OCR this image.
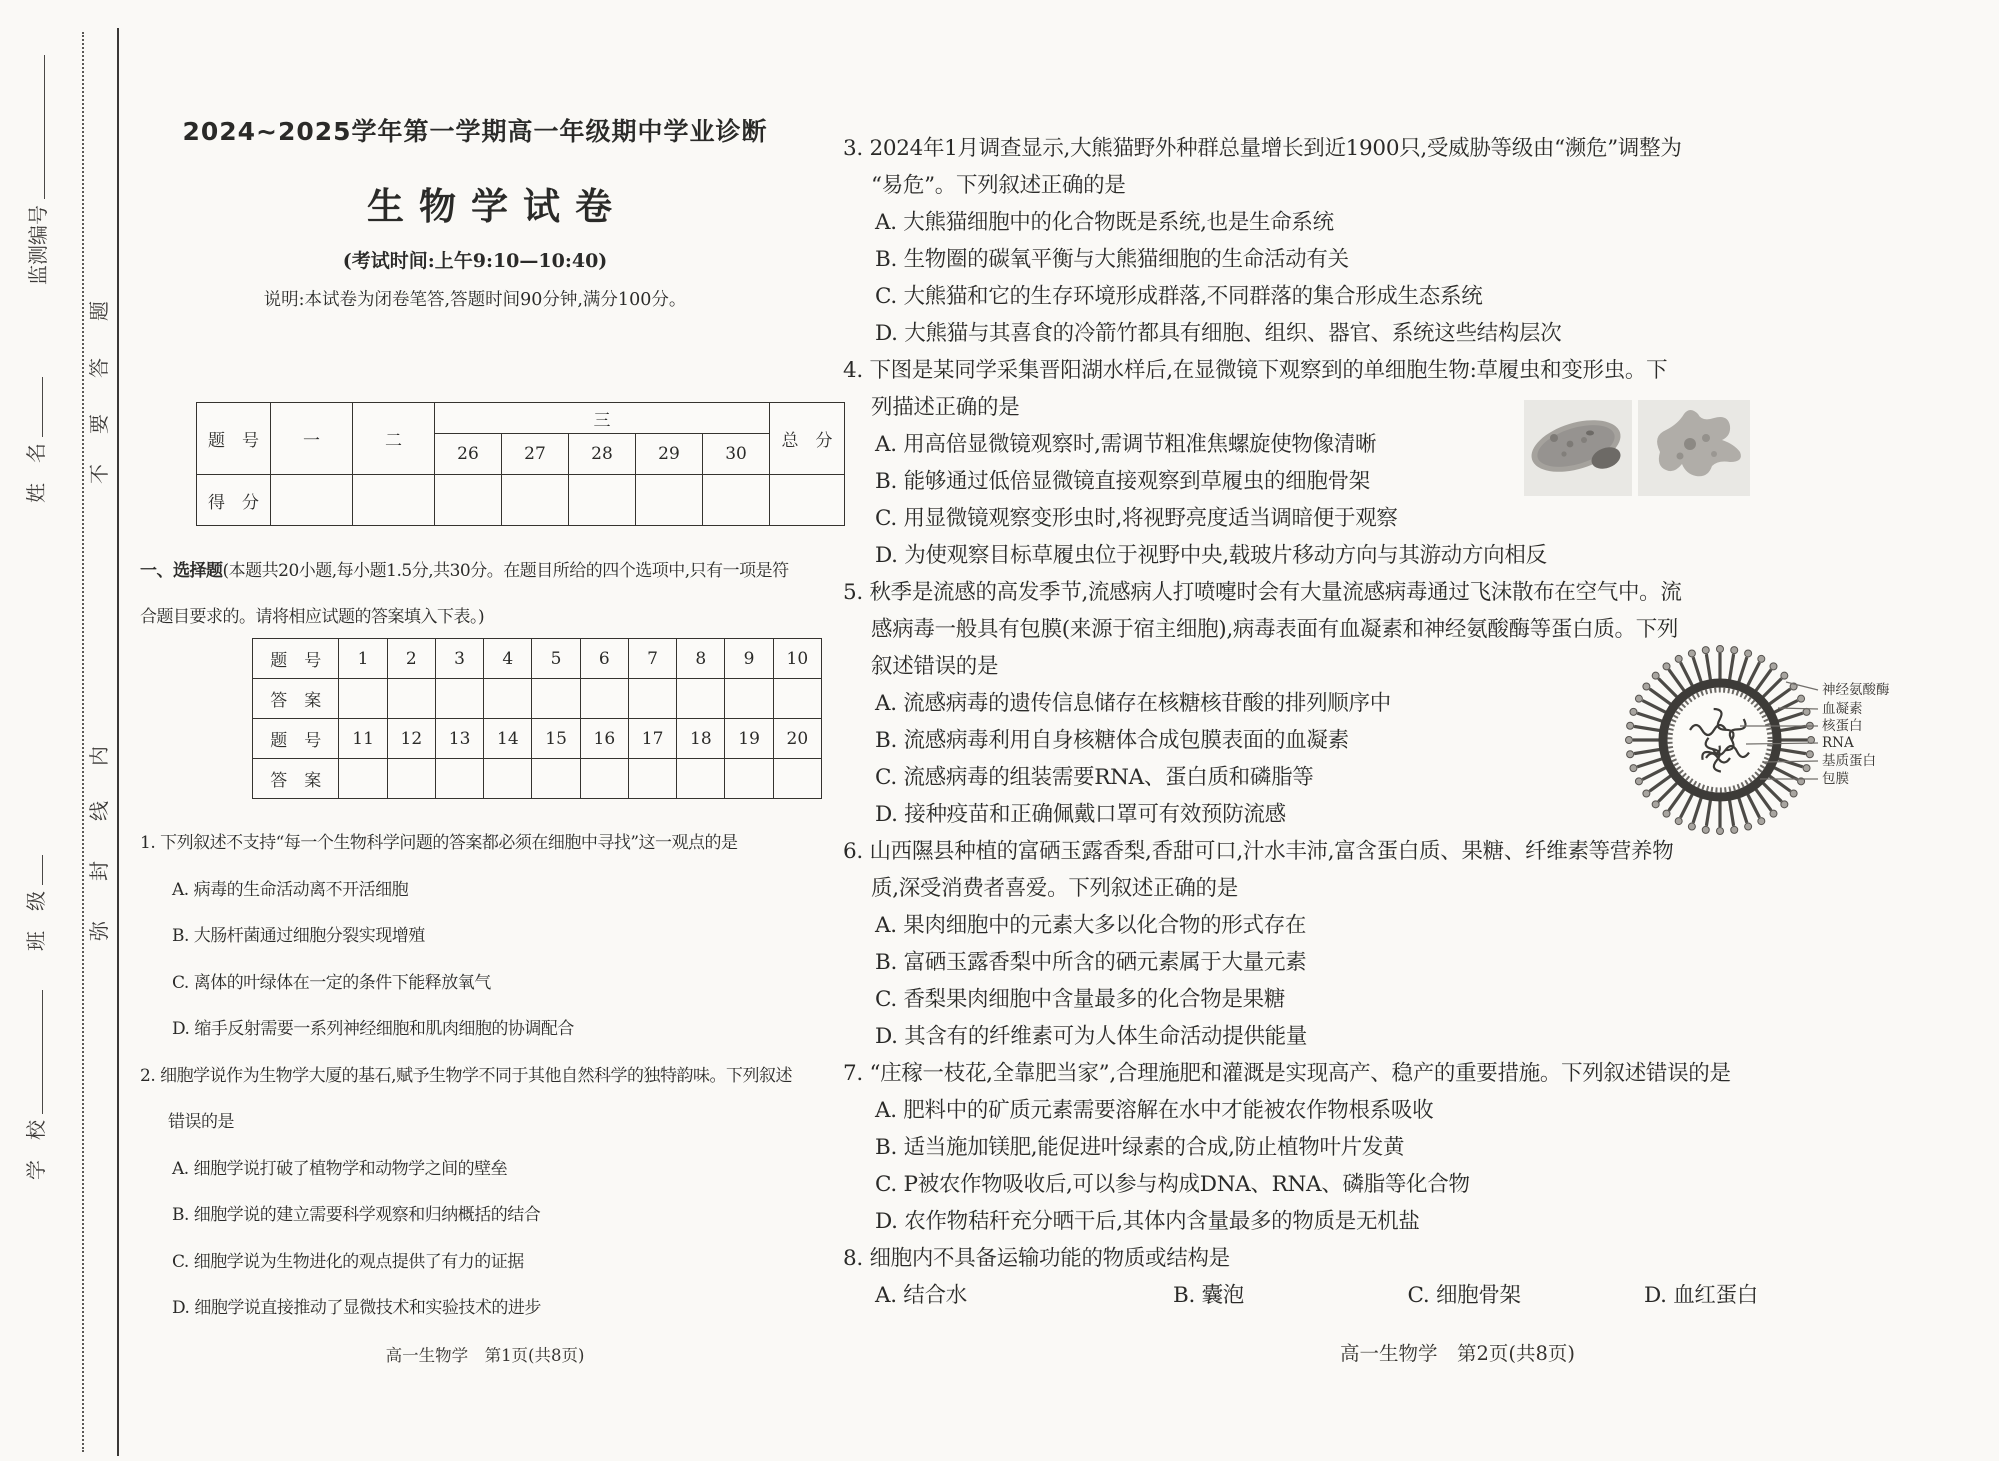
监测编号
姓　名
班　级
学　校
题
答
要
不
内
线
封
弥
2024~2025学年第一学期高一年级期中学业诊断
生物学试卷
(考试时间:上午9:10—10:40)
说明:本试卷为闭卷笔答,答题时间90分钟,满分100分。
题　号	一	二	三					总　分
			26	27	28	29	30	
得　分								
一、选择题(本题共20小题,每小题1.5分,共30分。在题目所给的四个选项中,只有一项是符
合题目要求的。请将相应试题的答案填入下表。)
题　号	1	2	3	4	5	6	7	8	9	10
答　案										
题　号	11	12	13	14	15	16	17	18	19	20
答　案										
1. 下列叙述不支持“每一个生物科学问题的答案都必须在细胞中寻找”这一观点的是
A. 病毒的生命活动离不开活细胞
B. 大肠杆菌通过细胞分裂实现增殖
C. 离体的叶绿体在一定的条件下能释放氧气
D. 缩手反射需要一系列神经细胞和肌肉细胞的协调配合
2. 细胞学说作为生物学大厦的基石,赋予生物学不同于其他自然科学的独特韵味。下列叙述
错误的是
A. 细胞学说打破了植物学和动物学之间的壁垒
B. 细胞学说的建立需要科学观察和归纳概括的结合
C. 细胞学说为生物进化的观点提供了有力的证据
D. 细胞学说直接推动了显微技术和实验技术的进步
高一生物学　第1页(共8页)
3. 2024年1月调查显示,大熊猫野外种群总量增长到近1900只,受威胁等级由“濒危”调整为
“易危”。下列叙述正确的是
A. 大熊猫细胞中的化合物既是系统,也是生命系统
B. 生物圈的碳氧平衡与大熊猫细胞的生命活动有关
C. 大熊猫和它的生存环境形成群落,不同群落的集合形成生态系统
D. 大熊猫与其喜食的冷箭竹都具有细胞、组织、器官、系统这些结构层次
4. 下图是某同学采集晋阳湖水样后,在显微镜下观察到的单细胞生物:草履虫和变形虫。下
列描述正确的是
A. 用高倍显微镜观察时,需调节粗准焦螺旋使物像清晰
B. 能够通过低倍显微镜直接观察到草履虫的细胞骨架
C. 用显微镜观察变形虫时,将视野亮度适当调暗便于观察
D. 为使观察目标草履虫位于视野中央,载玻片移动方向与其游动方向相反
5. 秋季是流感的高发季节,流感病人打喷嚏时会有大量流感病毒通过飞沫散布在空气中。流
感病毒一般具有包膜(来源于宿主细胞),病毒表面有血凝素和神经氨酸酶等蛋白质。下列
叙述错误的是
A. 流感病毒的遗传信息储存在核糖核苷酸的排列顺序中
B. 流感病毒利用自身核糖体合成包膜表面的血凝素
C. 流感病毒的组装需要RNA、蛋白质和磷脂等
D. 接种疫苗和正确佩戴口罩可有效预防流感
6. 山西隰县种植的富硒玉露香梨,香甜可口,汁水丰沛,富含蛋白质、果糖、纤维素等营养物
质,深受消费者喜爱。下列叙述正确的是
A. 果肉细胞中的元素大多以化合物的形式存在
B. 富硒玉露香梨中所含的硒元素属于大量元素
C. 香梨果肉细胞中含量最多的化合物是果糖
D. 其含有的纤维素可为人体生命活动提供能量
7. “庄稼一枝花,全靠肥当家”,合理施肥和灌溉是实现高产、稳产的重要措施。下列叙述错误的是
A. 肥料中的矿质元素需要溶解在水中才能被农作物根系吸收
B. 适当施加镁肥,能促进叶绿素的合成,防止植物叶片发黄
C. P被农作物吸收后,可以参与构成DNA、RNA、磷脂等化合物
D. 农作物秸秆充分晒干后,其体内含量最多的物质是无机盐
8. 细胞内不具备运输功能的物质或结构是
A. 结合水	B. 囊泡	C. 细胞骨架	D. 血红蛋白
高一生物学　第2页(共8页)
神经氨酸酶
血凝素
核蛋白
RNA
基质蛋白
包膜
